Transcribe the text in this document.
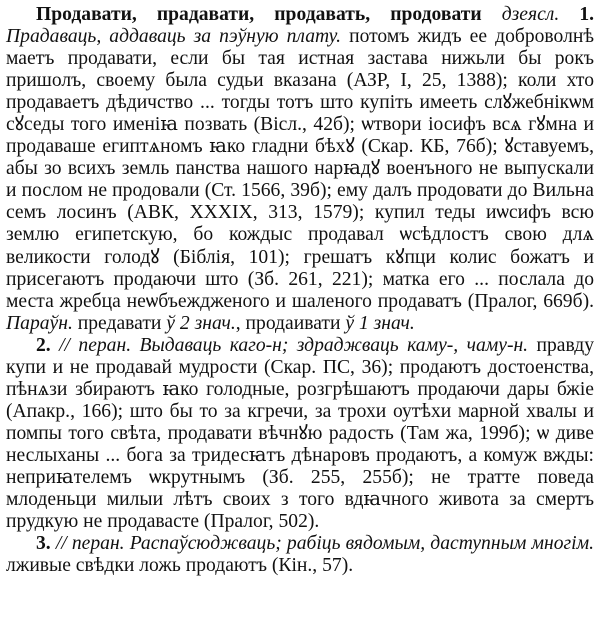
Продавати, прадавати, продавать, продовати дзеясл. 1. Прадаваць, аддаваць за пэўную плату. потомъ жидъ ее доброволнѣ маетъ продавати, если бы тая истная застава нижьли бы рокъ пришолъ, своему была судьи вказана (АЗР, І, 25, 1388); коли хто продаваетъ дѣдичство ... тогды тотъ што купіть имееть слꙋжебнікѡм сꙋседы того именіꙗ позвать (Вісл., 42б); ѡтвори іосифъ всѧ гꙋмна и продаваше египтѧномъ ꙗко гладни бѣхꙋ (Скар. КБ, 76б); ꙋставуемъ, абы зо всихъ земль панства нашого нарꙗдꙋ военъного не выпускали и послом не продовали (Ст. 1566, 39б); ему далъ продовати до Вильна семъ лосинъ (АВК, XXXIX, 313, 1579); купил теды иѡсифъ всю землю египетскую, бо кождыс продавал ѡсѣдлостъ свою длѧ великости голодꙋ (Біблія, 101); грешатъ кꙋпци колис божатъ и присегаютъ продаючи што (Зб. 261, 221); матка его ... послала до места жребца неѡбъеждженого и шаленого продаватъ (Пралог, 669б). Параўн. предавати ў 2 знач., продаивати ў 1 знач.

2. // перан. Выдаваць каго-н; здраджваць каму-, чаму-н. правду купи и не продавай мудрости (Скар. ПС, 36); продаютъ достоенства, пѣнѧзи збираютъ ꙗко голодные, розгрѣшаютъ продаючи дары бжіе (Апакр., 166); што бы то за кгречи, за трохи оутѣхи марной хвалы и помпы того свѣта, продавати вѣчнꙋю радость (Там жа, 199б); ѡ диве неслыханы ... бога за тридесꙗтъ дѣнаровъ продаютъ, а комуж вжды: неприꙗтелемъ ѡкрутнымъ (Зб. 255, 255б); не тратте поведа млоденьци милыи лѣтъ своих з того вдꙗчного живота за смертъ прудкую не продавасте (Пралог, 502).

3. // перан. Распаўсюджваць; рабіць вядомым, даступным многім. лживые свѣдки ложь продаютъ (Кін., 57).
